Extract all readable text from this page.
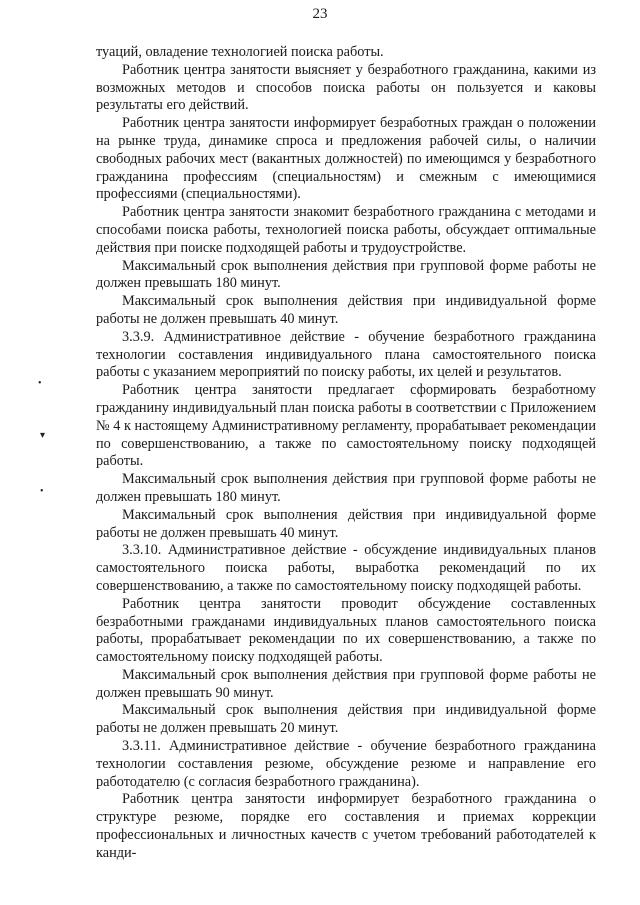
23
•
▾
•

туаций, овладение технологией поиска работы.

Работник центра занятости выясняет у безработного гражданина, какими из возможных методов и способов поиска работы он пользуется и каковы результаты его действий.

Работник центра занятости информирует безработных граждан о положении на рынке труда, динамике спроса и предложения рабочей силы, о наличии свободных рабочих мест (вакантных должностей) по имеющимся у безработного гражданина профессиям (специальностям) и смежным с имеющимися профессиями (специальностями).

Работник центра занятости знакомит безработного гражданина с методами и способами поиска работы, технологией поиска работы, обсуждает оптимальные действия при поиске подходящей работы и трудоустройстве.

Максимальный срок выполнения действия при групповой форме работы не должен превышать 180 минут.

Максимальный срок выполнения действия при индивидуальной форме работы не должен превышать 40 минут.

3.3.9. Административное действие - обучение безработного гражданина технологии составления индивидуального плана самостоятельного поиска работы с указанием мероприятий по поиску работы, их целей и результатов.

Работник центра занятости предлагает сформировать безработному гражданину индивидуальный план поиска работы в соответствии с Приложением № 4 к настоящему Административному регламенту, прорабатывает рекомендации по совершенствованию, а также по самостоятельному поиску подходящей работы.

Максимальный срок выполнения действия при групповой форме работы не должен превышать 180 минут.

Максимальный срок выполнения действия при индивидуальной форме работы не должен превышать 40 минут.

3.3.10. Административное действие - обсуждение индивидуальных планов самостоятельного поиска работы, выработка рекомендаций по их совершенствованию, а также по самостоятельному поиску подходящей работы.

Работник центра занятости проводит обсуждение составленных безработными гражданами индивидуальных планов самостоятельного поиска работы, прорабатывает рекомендации по их совершенствованию, а также по самостоятельному поиску подходящей работы.

Максимальный срок выполнения действия при групповой форме работы не должен превышать 90 минут.

Максимальный срок выполнения действия при индивидуальной форме работы не должен превышать 20 минут.

3.3.11. Административное действие - обучение безработного гражданина технологии составления резюме, обсуждение резюме и направление его работодателю (с согласия безработного гражданина).

Работник центра занятости информирует безработного гражданина о структуре резюме, порядке его составления и приемах коррекции профессиональных и личностных качеств с учетом требований работодателей к канди-
